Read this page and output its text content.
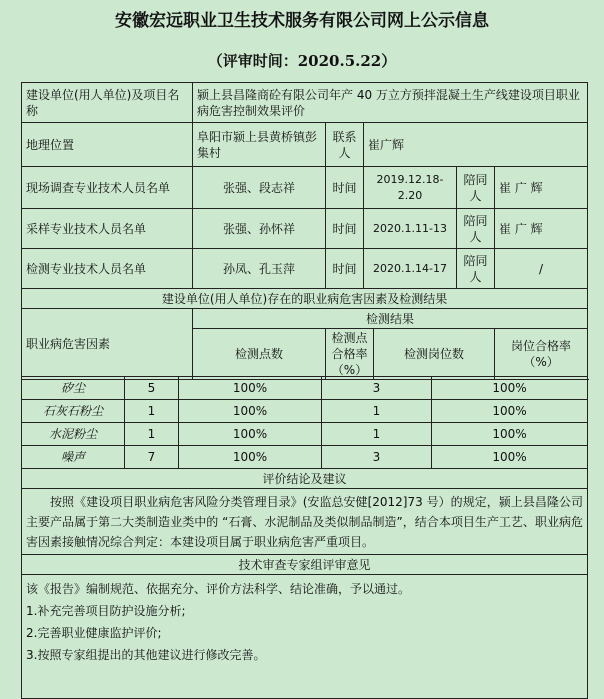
安徽宏远职业卫生技术服务有限公司网上公示信息
（评审时间：2020.5.22）
建设单位(用人单位)及项目名称	颍上县昌隆商砼有限公司年产 40 万立方预拌混凝土生产线建设项目职业病危害控制效果评价					
地理位置	阜阳市颍上县黄桥镇彭集村	联系人	崔广辉			
现场调查专业技术人员名单	张强、段志祥	时间	2019.12.18-2.20		陪同人	崔 广 辉
采样专业技术人员名单	张强、孙怀祥	时间	2020.1.11-13		陪同人	崔 广 辉
检测专业技术人员名单	孙凤、孔玉萍	时间	2020.1.14-17		陪同人	/
建设单位(用人单位)存在的职业病危害因素及检测结果						
职业病危害因素	检测结果					
	检测点数	检测点合格率（%）		检测岗位数		岗位合格率（%）
矽尘	5	100%	3	100%
石灰石粉尘	1	100%	1	100%
水泥粉尘	1	100%	1	100%
噪声	7	100%	3	100%
评价结论及建议				
按照《建设项目职业病危害风险分类管理目录》(安监总安健[2012]73 号）的规定，颍上县昌隆公司主要产品属于第二大类制造业类中的 “石膏、水泥制品及类似制品制造”，结合本项目生产工艺、职业病危害因素接触情况综合判定：本建设项目属于职业病危害严重项目。				
技术审查专家组评审意见				

该《报告》编制规范、依据充分、评价方法科学、结论准确，予以通过。
1.补充完善项目防护设施分析;
2.完善职业健康监护评价;
3.按照专家组提出的其他建议进行修改完善。				
